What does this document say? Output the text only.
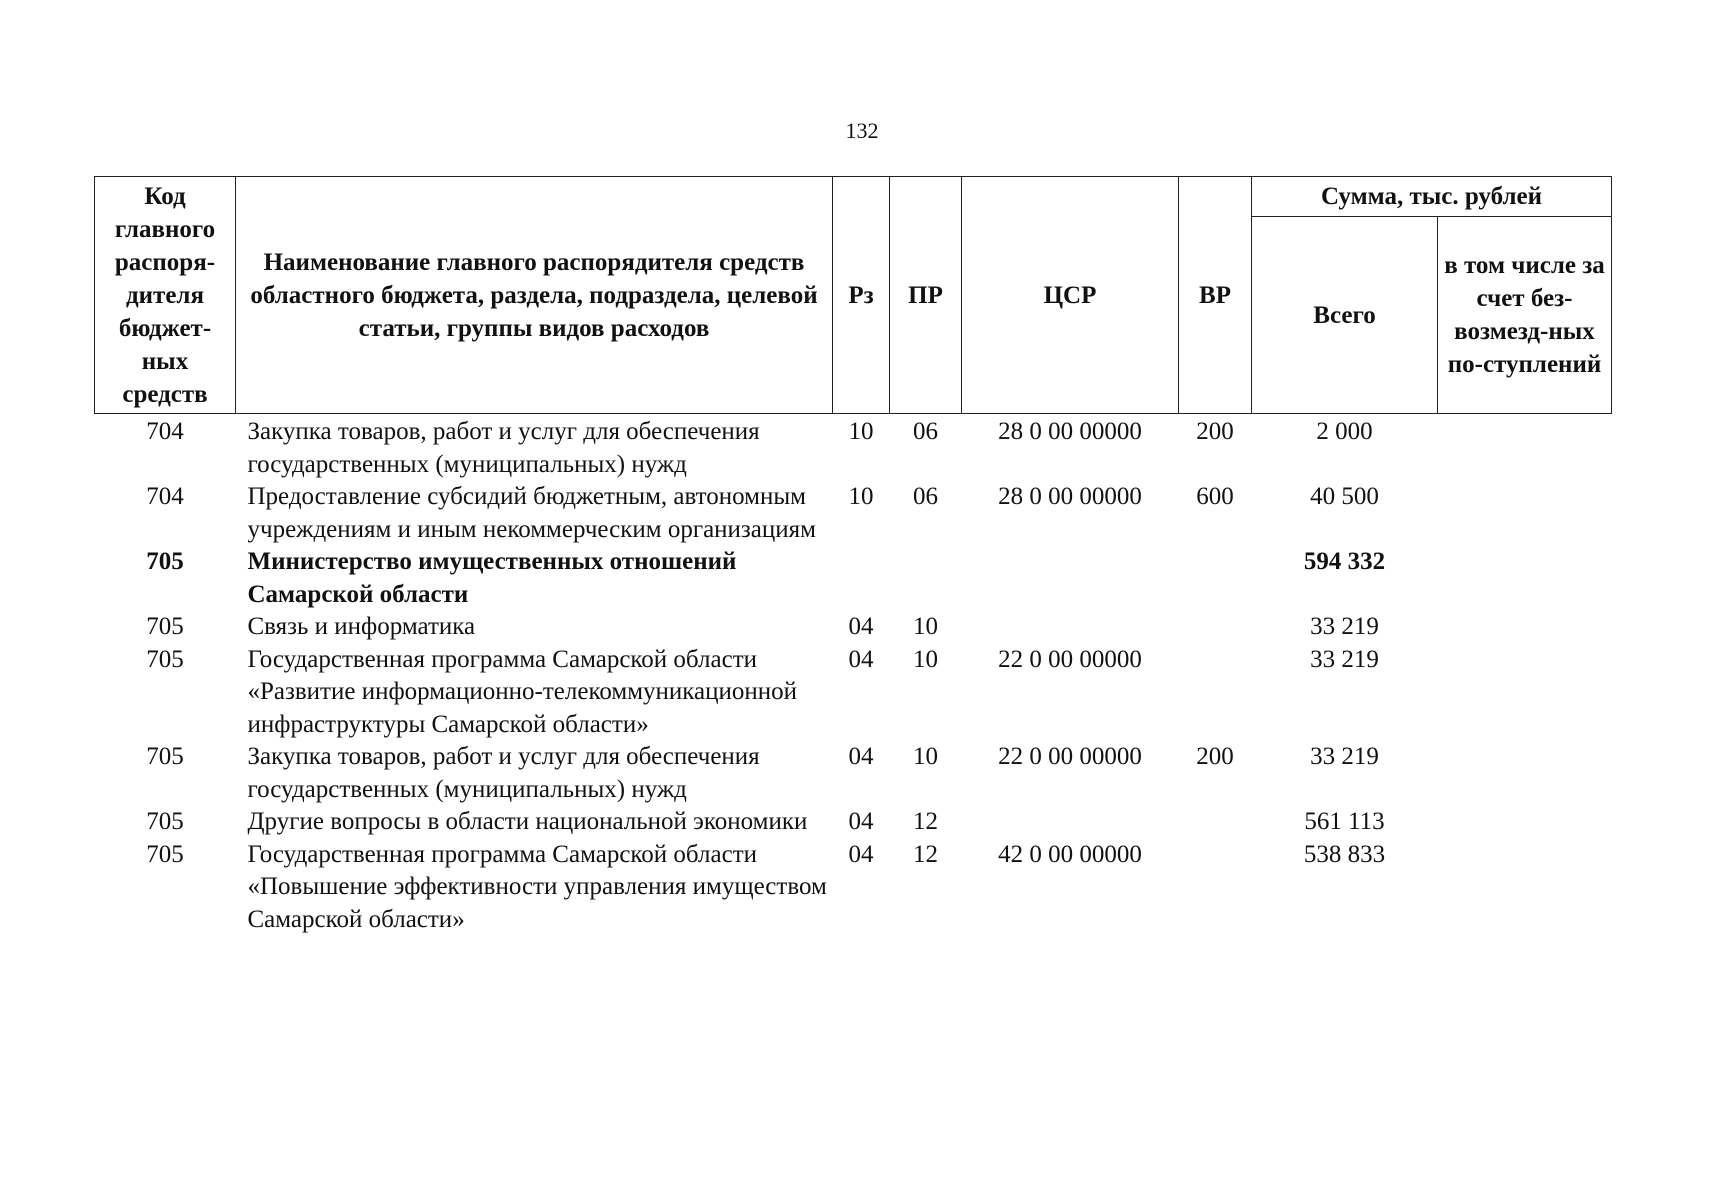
132
Код главного распоря-дителя бюджет-ных средств	Наименование главного распорядителя средств областного бюджета, раздела, подраздела, целевой статьи, группы видов расходов	Рз	ПР	ЦСР	ВР	Сумма, тыс. рублей	
						Всего	в том числе за счет без-возмезд-ных по-ступлений
704	Закупка товаров, работ и услуг для обеспечения государственных (муниципальных) нужд	10	06	28 0 00 00000	200	2 000	
704	Предоставление субсидий бюджетным, автономным учреждениям и иным некоммерческим организациям	10	06	28 0 00 00000	600	40 500	
705	Министерство имущественных отношений Самарской области					594 332	
705	Связь и информатика	04	10			33 219	
705	Государственная программа Самарской области «Развитие информационно-телекоммуникационной инфраструктуры Самарской области»	04	10	22 0 00 00000		33 219	
705	Закупка товаров, работ и услуг для обеспечения государственных (муниципальных) нужд	04	10	22 0 00 00000	200	33 219	
705	Другие вопросы в области национальной экономики	04	12			561 113	
705	Государственная программа Самарской области «Повышение эффективности управления имуществом Самарской области»	04	12	42 0 00 00000		538 833	
